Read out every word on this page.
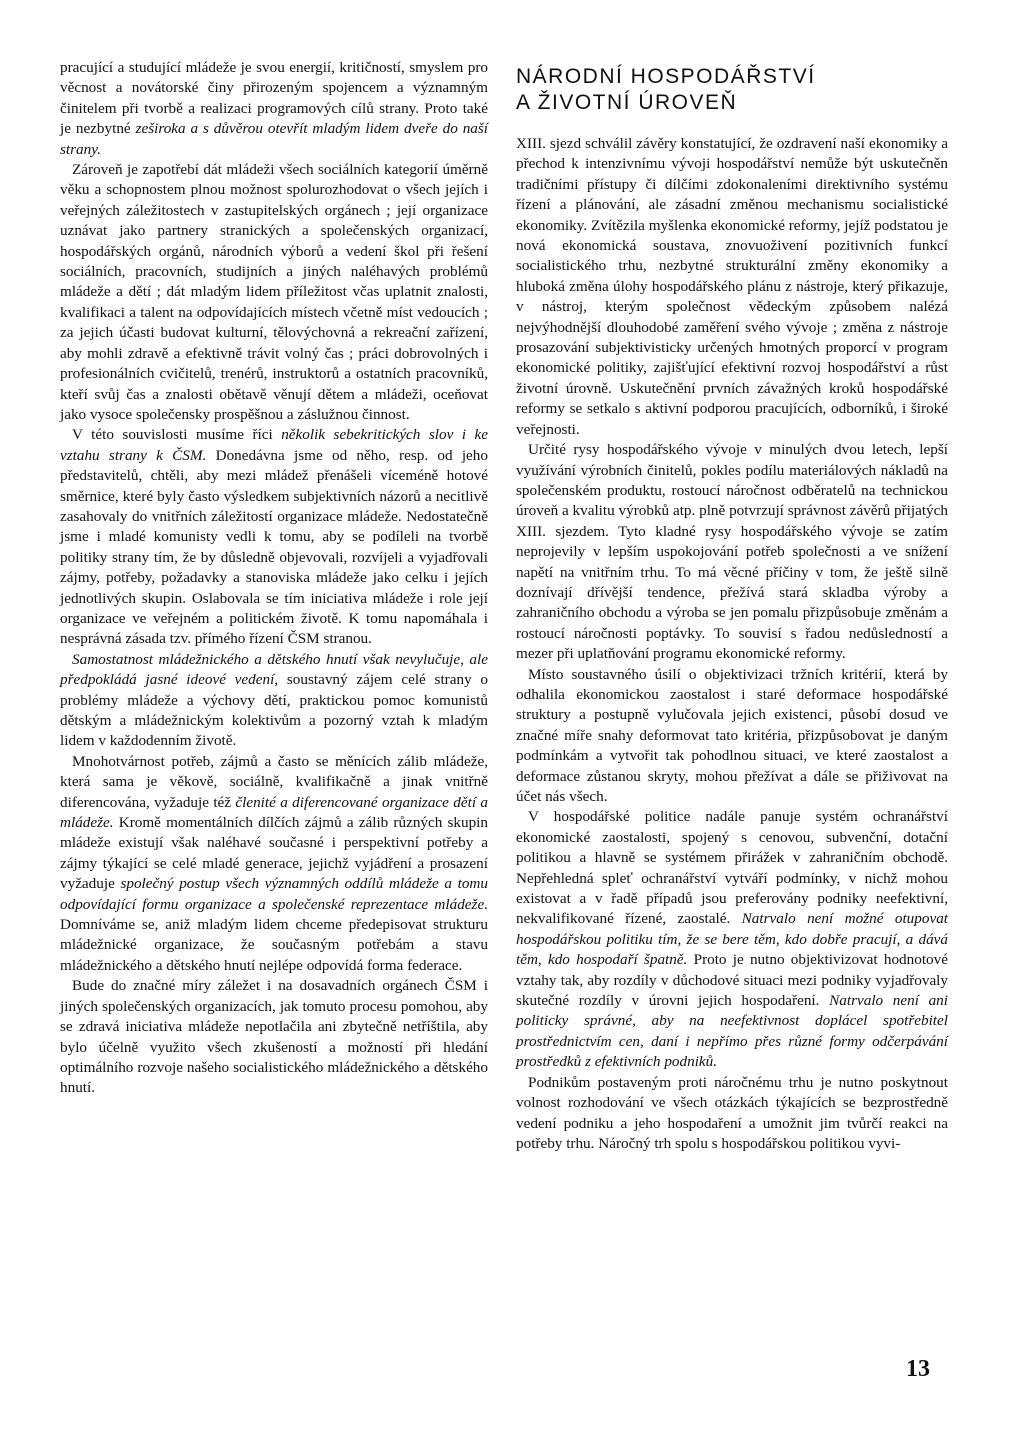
pracující a studující mládeže je svou energií, kritičností, smyslem pro věcnost a novátorské činy přirozeným spojencem a významným činitelem při tvorbě a realizaci programových cílů strany. Proto také je nezbytné zeširoka a s důvěrou otevřít mladým lidem dveře do naší strany.

Zároveň je zapotřebí dát mládeži všech sociálních kategorií úměrně věku a schopnostem plnou možnost spolurozhodovat o všech jejích i veřejných záležitostech v zastupitelských orgánech ; její organizace uznávat jako partnery stranických a společenských organizací, hospodářských orgánů, národních výborů a vedení škol při řešení sociálních, pracovních, studijních a jiných naléhavých problémů mládeže a dětí ; dát mladým lidem příležitost včas uplatnit znalosti, kvalifikaci a talent na odpovídajících místech včetně míst vedoucích ; za jejich účasti budovat kulturní, tělovýchovná a rekreační zařízení, aby mohli zdravě a efektivně trávit volný čas ; práci dobrovolných i profesionálních cvičitelů, trenérů, instruktorů a ostatních pracovníků, kteří svůj čas a znalosti obětavě věnují dětem a mládeži, oceňovat jako vysoce společensky prospěšnou a záslužnou činnost.

V této souvislosti musíme říci několik sebekritických slov i ke vztahu strany k ČSM. Donedávna jsme od něho, resp. od jeho představitelů, chtěli, aby mezi mládež přenášeli víceméně hotové směrnice, které byly často výsledkem subjektivních názorů a necitlivě zasahovaly do vnitřních záležitostí organizace mládeže. Nedostatečně jsme i mladé komunisty vedli k tomu, aby se podíleli na tvorbě politiky strany tím, že by důsledně objevovali, rozvíjeli a vyjadřovali zájmy, potřeby, požadavky a stanoviska mládeže jako celku i jejích jednotlivých skupin. Oslabovala se tím iniciativa mládeže i role její organizace ve veřejném a politickém životě. K tomu napomáhala i nesprávná zásada tzv. přímého řízení ČSM stranou.

Samostatnost mládežnického a dětského hnutí však nevylučuje, ale předpokládá jasné ideové vedení, soustavný zájem celé strany o problémy mládeže a výchovy dětí, praktickou pomoc komunistů dětským a mládežnickým kolektivům a pozorný vztah k mladým lidem v každodenním životě.

Mnohotvárnost potřeb, zájmů a často se měnících zálib mládeže, která sama je věkově, sociálně, kvalifikačně a jinak vnitřně diferencována, vyžaduje též členité a diferencované organizace dětí a mládeže. Kromě momentálních dílčích zájmů a zálib různých skupin mládeže existují však naléhavé současné i perspektivní potřeby a zájmy týkající se celé mladé generace, jejichž vyjádření a prosazení vyžaduje společný postup všech významných oddílů mládeže a tomu odpovídající formu organizace a společenské reprezentace mládeže. Domníváme se, aniž mladým lidem chceme předepisovat strukturu mládežnické organizace, že současným potřebám a stavu mládežnického a dětského hnutí nejlépe odpovídá forma federace.

Bude do značné míry záležet i na dosavadních orgánech ČSM i jiných společenských organizacích, jak tomuto procesu pomohou, aby se zdravá iniciativa mládeže nepotlačila ani zbytečně netříštila, aby bylo účelně využito všech zkušeností a možností při hledání optimálního rozvoje našeho socialistického mládežnického a dětského hnutí.

NÁRODNÍ HOSPODÁŘSTVÍ
A ŽIVOTNÍ ÚROVEŇ

XIII. sjezd schválil závěry konstatující, že ozdravení naší ekonomiky a přechod k intenzivnímu vývoji hospodářství nemůže být uskutečněn tradičními přístupy či dílčími zdokonaleními direktivního systému řízení a plánování, ale zásadní změnou mechanismu socialistické ekonomiky. Zvítězila myšlenka ekonomické reformy, jejíž podstatou je nová ekonomická soustava, znovuoživení pozitivních funkcí socialistického trhu, nezbytné strukturální změny ekonomiky a hluboká změna úlohy hospodářského plánu z nástroje, který přikazuje, v nástroj, kterým společnost vědeckým způsobem nalézá nejvýhodnější dlouhodobé zaměření svého vývoje ; změna z nástroje prosazování subjektivisticky určených hmotných proporcí v program ekonomické politiky, zajišťující efektivní rozvoj hospodářství a růst životní úrovně. Uskutečnění prvních závažných kroků hospodářské reformy se setkalo s aktivní podporou pracujících, odborníků, i široké veřejnosti.

Určité rysy hospodářského vývoje v minulých dvou letech, lepší využívání výrobních činitelů, pokles podílu materiálových nákladů na společenském produktu, rostoucí náročnost odběratelů na technickou úroveň a kvalitu výrobků atp. plně potvrzují správnost závěrů přijatých XIII. sjezdem. Tyto kladné rysy hospodářského vývoje se zatím neprojevily v lepším uspokojování potřeb společnosti a ve snížení napětí na vnitřním trhu. To má věcné příčiny v tom, že ještě silně doznívají dřívější tendence, přežívá stará skladba výroby a zahraničního obchodu a výroba se jen pomalu přizpůsobuje změnám a rostoucí náročnosti poptávky. To souvisí s řadou nedůsledností a mezer při uplatňování programu ekonomické reformy.

Místo soustavného úsilí o objektivizaci tržních kritérií, která by odhalila ekonomickou zaostalost i staré deformace hospodářské struktury a postupně vylučovala jejich existenci, působí dosud ve značné míře snahy deformovat tato kritéria, přizpůsobovat je daným podmínkám a vytvořit tak pohodlnou situaci, ve které zaostalost a deformace zůstanou skryty, mohou přežívat a dále se přiživovat na účet nás všech.

V hospodářské politice nadále panuje systém ochranářství ekonomické zaostalosti, spojený s cenovou, subvenční, dotační politikou a hlavně se systémem přirážek v zahraničním obchodě. Nepřehledná spleť ochranářství vytváří podmínky, v nichž mohou existovat a v řadě případů jsou preferovány podniky neefektivní, nekvalifikované řízené, zaostalé. Natrvalo není možné otupovat hospodářskou politiku tím, že se bere těm, kdo dobře pracují, a dává těm, kdo hospodaří špatně. Proto je nutno objektivizovat hodnotové vztahy tak, aby rozdíly v důchodové situaci mezi podniky vyjadřovaly skutečné rozdíly v úrovni jejich hospodaření. Natrvalo není ani politicky správné, aby na neefektivnost doplácel spotřebitel prostřednictvím cen, daní i nepřímo přes různé formy odčerpávání prostředků z efektivních podniků.

Podnikům postaveným proti náročnému trhu je nutno poskytnout volnost rozhodování ve všech otázkách týkajících se bezprostředně vedení podniku a jeho hospodaření a umožnit jim tvůrčí reakci na potřeby trhu. Náročný trh spolu s hospodářskou politikou vyvi-

13
